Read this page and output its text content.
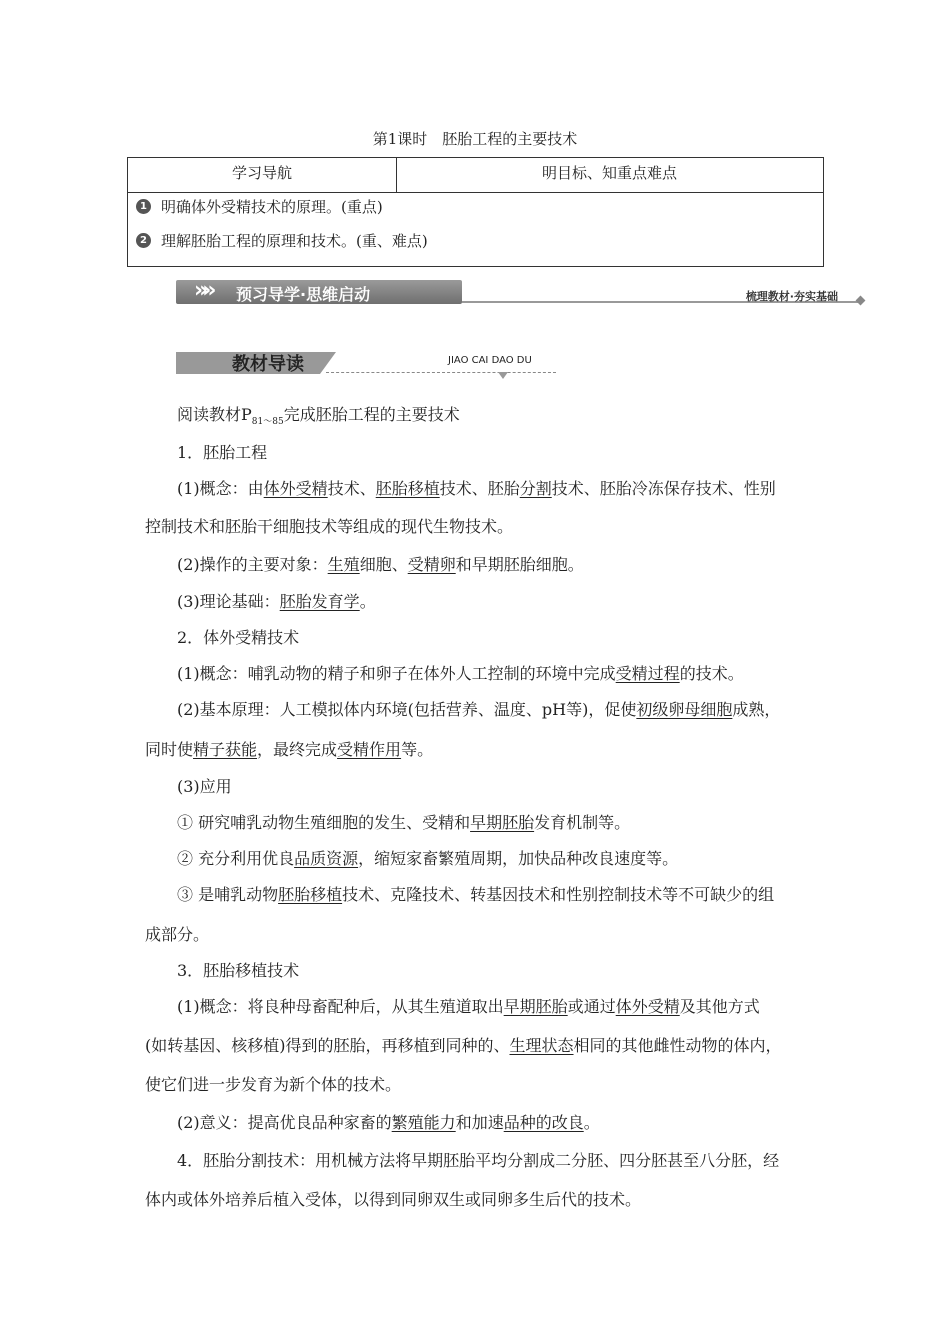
第1课时　胚胎工程的主要技术
学习导航	明目标、知重点难点
1 明确体外受精技术的原理。(重点)
2 理解胚胎工程的原理和技术。(重、难点)
»» 预习导学·思维启动	梳理教材·夯实基础
教材导读	JIAO CAI DAO DU
阅读教材$P_{81\sim 85}$完成胚胎工程的主要技术
1．胚胎工程
(1)概念：由体外受精技术、胚胎移植技术、胚胎分割技术、胚胎冷冻保存技术、性别
控制技术和胚胎干细胞技术等组成的现代生物技术。
(2)操作的主要对象：生殖细胞、受精卵和早期胚胎细胞。
(3)理论基础：胚胎发育学。
2．体外受精技术
(1)概念：哺乳动物的精子和卵子在体外人工控制的环境中完成受精过程的技术。
(2)基本原理：人工模拟体内环境(包括营养、温度、pH等)，促使初级卵母细胞成熟，
同时使精子获能，最终完成受精作用等。
(3)应用
① 研究哺乳动物生殖细胞的发生、受精和早期胚胎发育机制等。
② 充分利用优良品质资源，缩短家畜繁殖周期，加快品种改良速度等。
③ 是哺乳动物胚胎移植技术、克隆技术、转基因技术和性别控制技术等不可缺少的组
成部分。
3．胚胎移植技术
(1)概念：将良种母畜配种后，从其生殖道取出早期胚胎或通过体外受精及其他方式
(如转基因、核移植)得到的胚胎，再移植到同种的、生理状态相同的其他雌性动物的体内，
使它们进一步发育为新个体的技术。
(2)意义：提高优良品种家畜的繁殖能力和加速品种的改良。
4．胚胎分割技术：用机械方法将早期胚胎平均分割成二分胚、四分胚甚至八分胚，经
体内或体外培养后植入受体，以得到同卵双生或同卵多生后代的技术。
